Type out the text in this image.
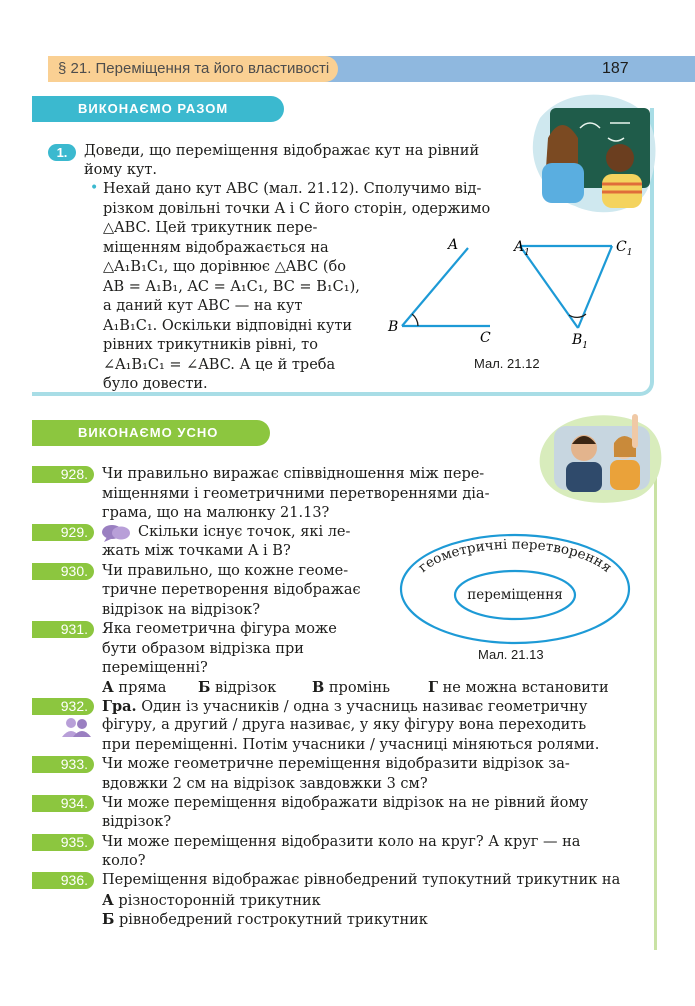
§ 21. Переміщення та його властивості	187
ВИКОНАЄМО РАЗОМ
1.	Доведи, що переміщення відображає кут на рівний
йому кут.
• Нехай дано кут ABC (мал. 21.12). Сполучимо від-
різком довільні точки A і C його сторін, одержимо
△ABC. Цей трикутник пере-
міщенням відображається на
△A₁B₁C₁, що дорівнює △ABC (бо
AB = A₁B₁, AC = A₁C₁, BC = B₁C₁),
а даний кут ABC — на кут
A₁B₁C₁. Оскільки відповідні кути
рівних трикутників рівні, то
∠A₁B₁C₁ = ∠ABC. А це й треба
було довести.
A
B
C
$A_1$	$C_1$
$B_1$
Мал. 21.12
ВИКОНАЄМО УСНО
928.
929.
930.
931.
932.
933.
934.
935.
936.
Чи правильно виражає співвідношення між пере-
міщеннями і геометричними перетвореннями діа-
грама, що на малюнку 21.13?
Скільки існує точок, які ле-
жать між точками A і B?
Чи правильно, що кожне геоме-
тричне перетворення відображає
відрізок на відрізок?
Яка геометрична фігура може
бути образом відрізка при
переміщенні?
А пряма Б відрізок В промінь	Г не можна встановити
геометричні перетворення
переміщення
Мал. 21.13
Гра. Один із учасників / одна з учасниць називає геометричну
фігуру, а другий / друга називає, у яку фігуру вона переходить
при переміщенні. Потім учасники / учасниці міняються ролями.
Чи може геометричне переміщення відобразити відрізок за-
вдовжки 2 см на відрізок завдовжки 3 см?
Чи може переміщення відображати відрізок на не рівний йому
відрізок?
Чи може переміщення відобразити коло на круг? А круг — на
коло?
Переміщення відображає рівнобедрений тупокутний трикутник на
А різносторонній трикутник
Б рівнобедрений гострокутний трикутник
